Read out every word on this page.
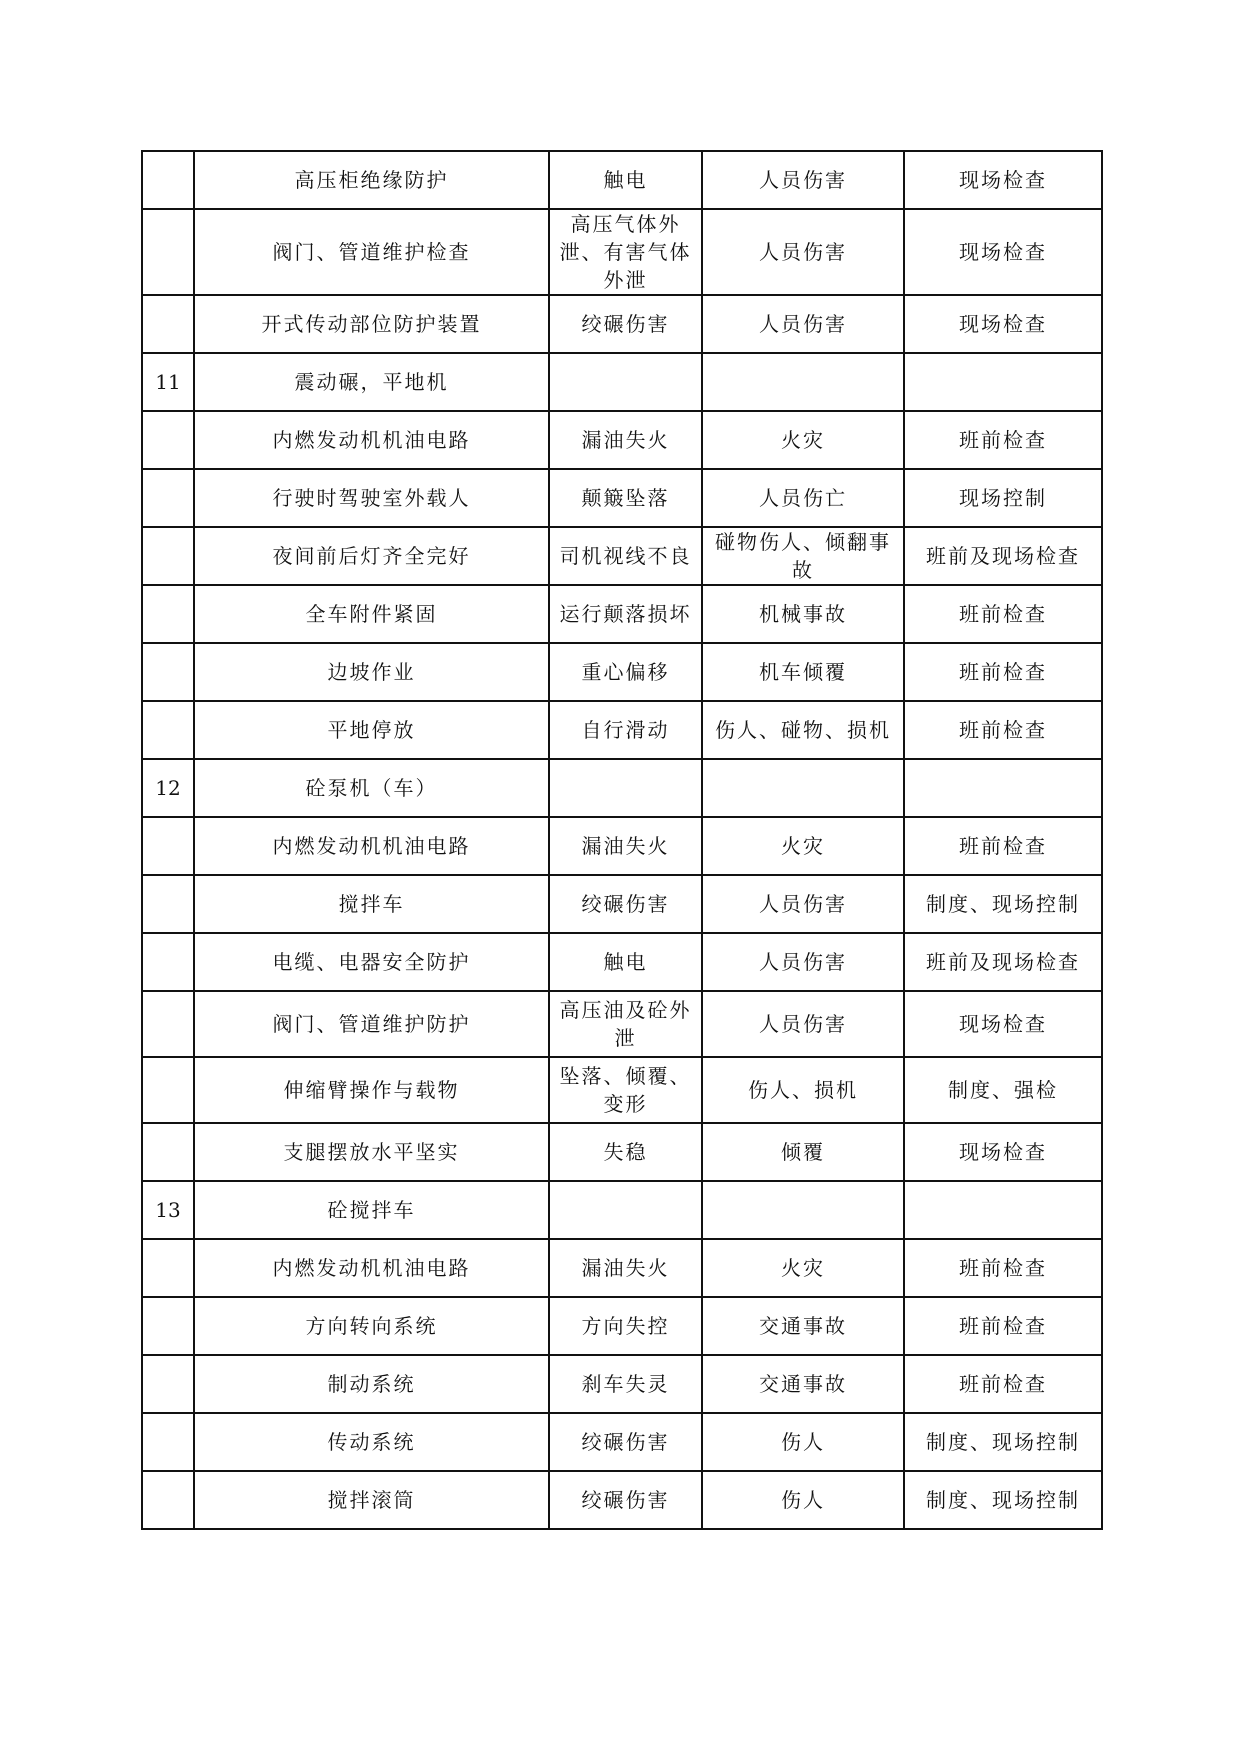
	高压柜绝缘防护	触电	人员伤害	现场检查
	阀门、管道维护检查	高压气体外泄、有害气体外泄	人员伤害	现场检查
	开式传动部位防护装置	绞碾伤害	人员伤害	现场检查
11	震动碾，平地机			
	内燃发动机机油电路	漏油失火	火灾	班前检查
	行驶时驾驶室外载人	颠簸坠落	人员伤亡	现场控制
	夜间前后灯齐全完好	司机视线不良	碰物伤人、倾翻事故	班前及现场检查
	全车附件紧固	运行颠落损坏	机械事故	班前检查
	边坡作业	重心偏移	机车倾覆	班前检查
	平地停放	自行滑动	伤人、碰物、损机	班前检查
12	砼泵机（车）			
	内燃发动机机油电路	漏油失火	火灾	班前检查
	搅拌车	绞碾伤害	人员伤害	制度、现场控制
	电缆、电器安全防护	触电	人员伤害	班前及现场检查
	阀门、管道维护防护	高压油及砼外泄	人员伤害	现场检查
	伸缩臂操作与载物	坠落、倾覆、变形	伤人、损机	制度、强检
	支腿摆放水平坚实	失稳	倾覆	现场检查
13	砼搅拌车			
	内燃发动机机油电路	漏油失火	火灾	班前检查
	方向转向系统	方向失控	交通事故	班前检查
	制动系统	刹车失灵	交通事故	班前检查
	传动系统	绞碾伤害	伤人	制度、现场控制
	搅拌滚筒	绞碾伤害	伤人	制度、现场控制
